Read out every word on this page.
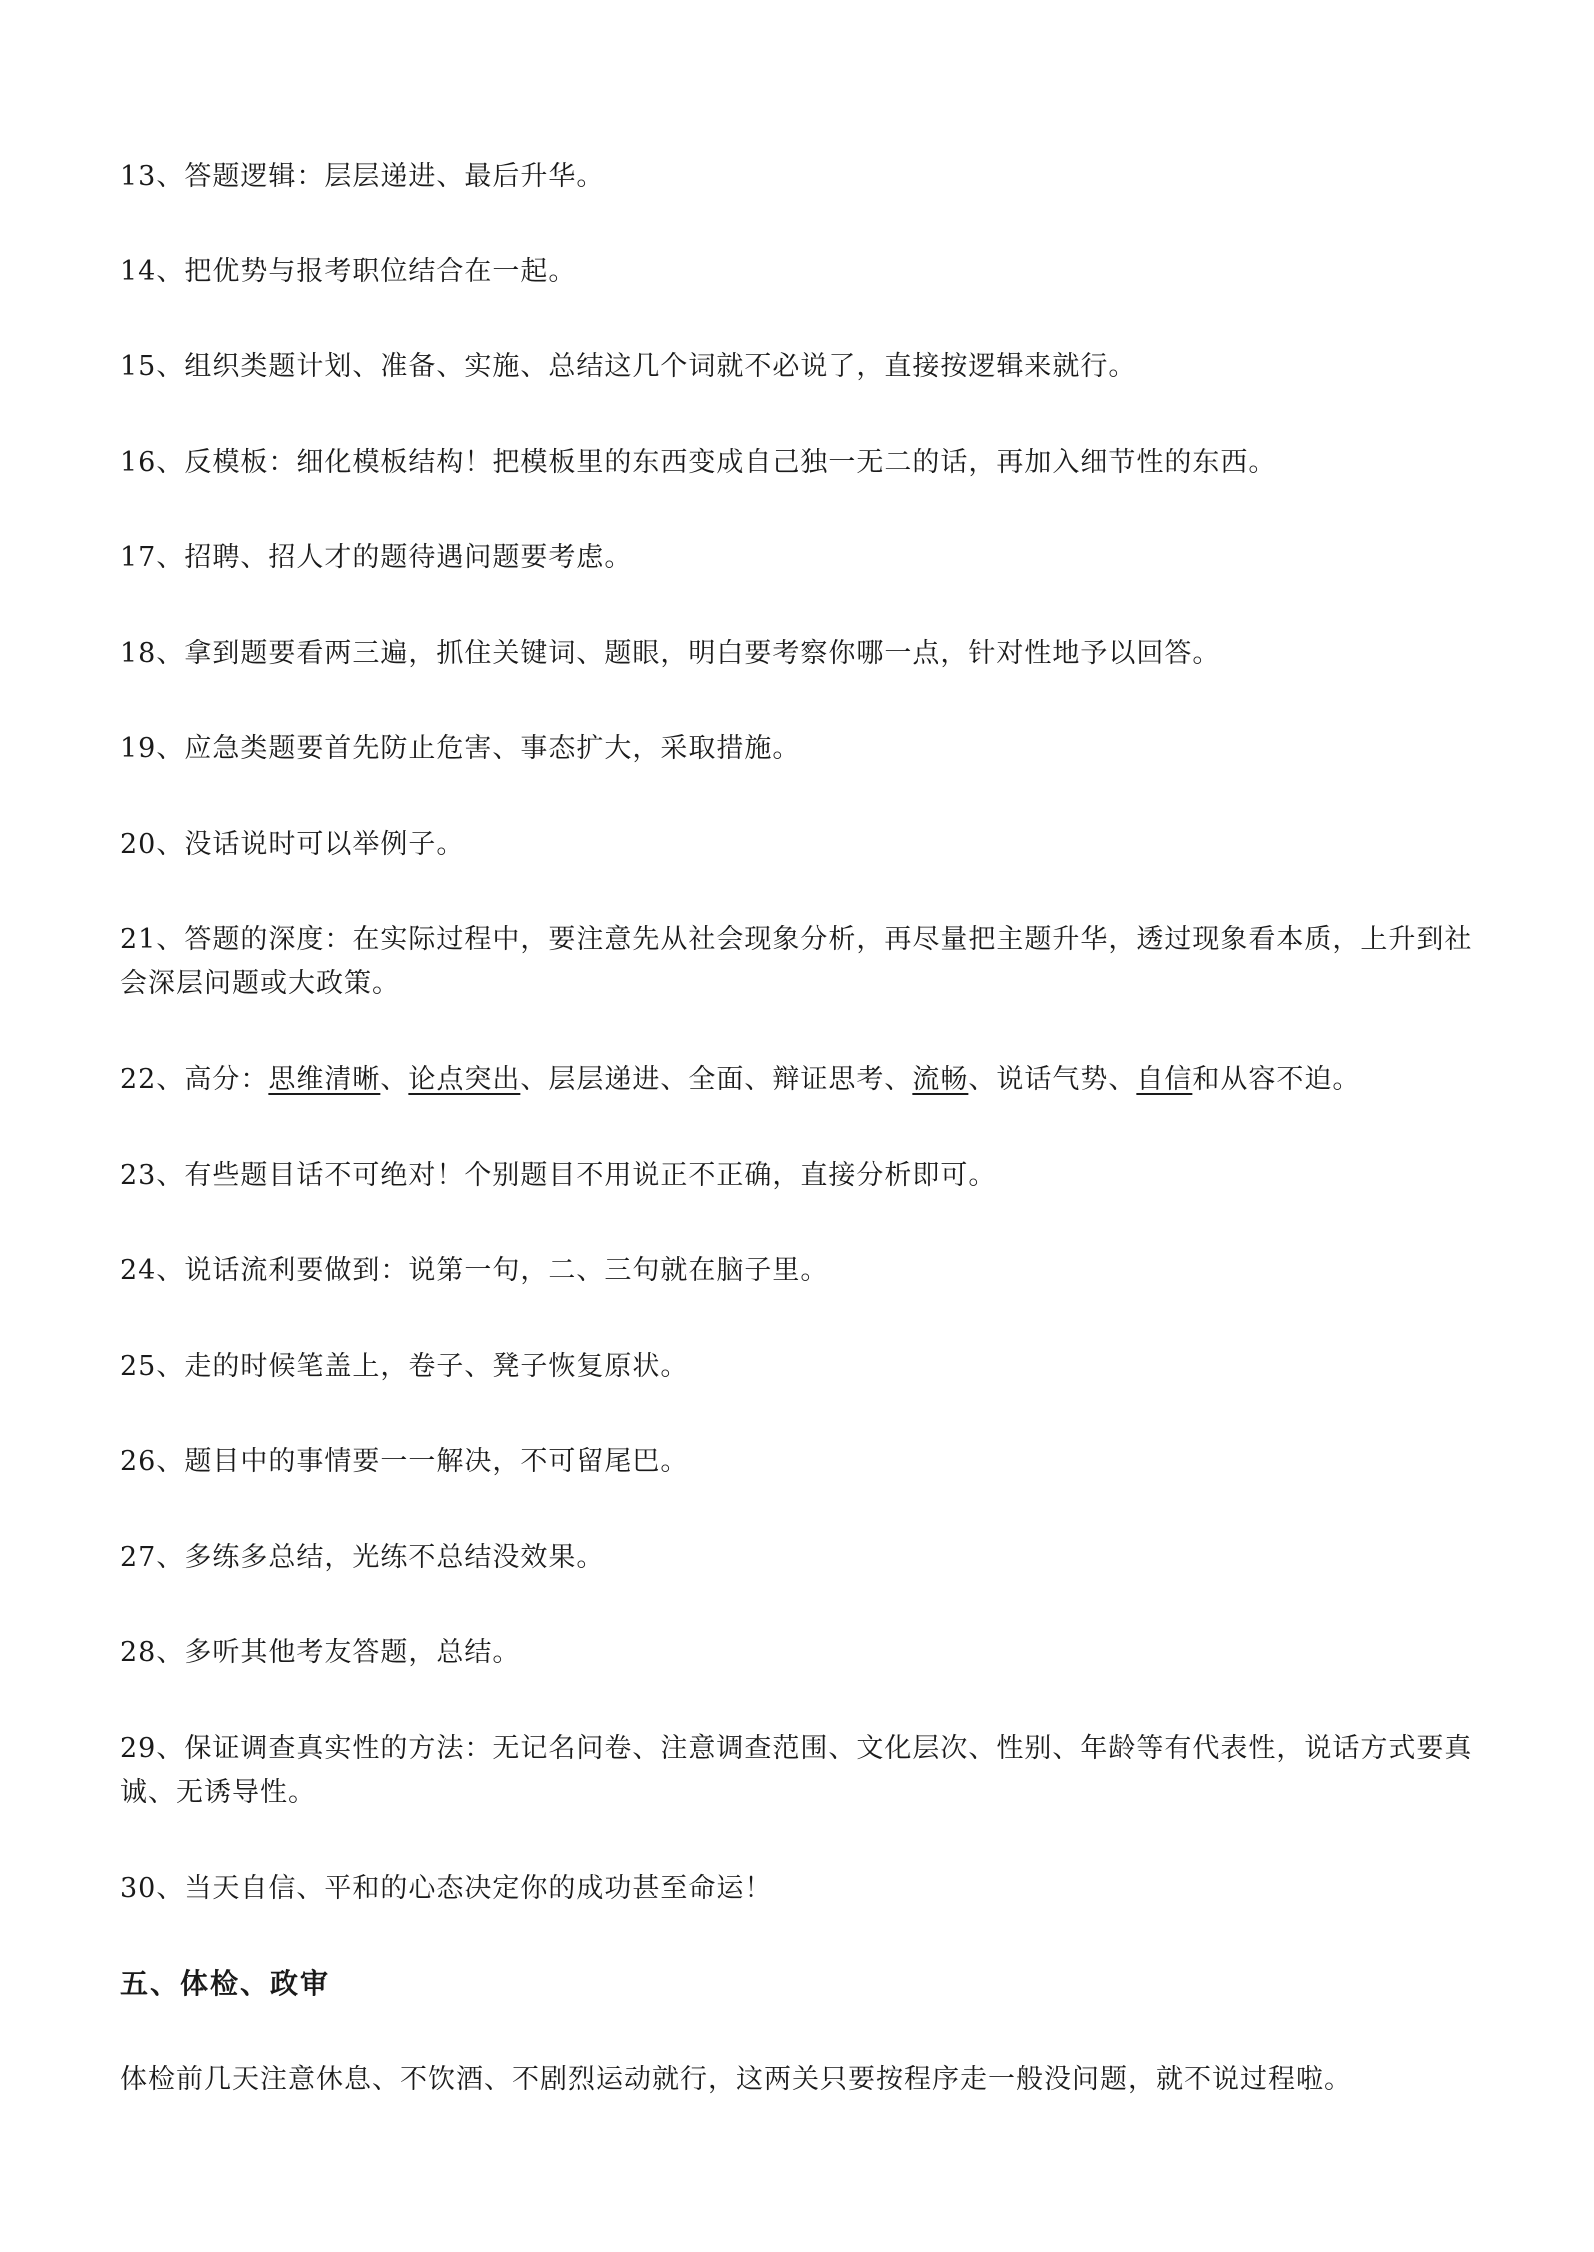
13、答题逻辑：层层递进、最后升华。
14、把优势与报考职位结合在一起。
15、组织类题计划、准备、实施、总结这几个词就不必说了，直接按逻辑来就行。
16、反模板：细化模板结构！把模板里的东西变成自己独一无二的话，再加入细节性的东西。
17、招聘、招人才的题待遇问题要考虑。
18、拿到题要看两三遍，抓住关键词、题眼，明白要考察你哪一点，针对性地予以回答。
19、应急类题要首先防止危害、事态扩大，采取措施。
20、没话说时可以举例子。
21、答题的深度：在实际过程中，要注意先从社会现象分析，再尽量把主题升华，透过现象看本质，上升到社会深层问题或大政策。
22、高分：思维清晰、论点突出、层层递进、全面、辩证思考、流畅、说话气势、自信和从容不迫。
23、有些题目话不可绝对！个别题目不用说正不正确，直接分析即可。
24、说话流利要做到：说第一句，二、三句就在脑子里。
25、走的时候笔盖上，卷子、凳子恢复原状。
26、题目中的事情要一一解决，不可留尾巴。
27、多练多总结，光练不总结没效果。
28、多听其他考友答题，总结。
29、保证调查真实性的方法：无记名问卷、注意调查范围、文化层次、性别、年龄等有代表性，说话方式要真诚、无诱导性。
30、当天自信、平和的心态决定你的成功甚至命运！
五、体检、政审
体检前几天注意休息、不饮酒、不剧烈运动就行，这两关只要按程序走一般没问题，就不说过程啦。
